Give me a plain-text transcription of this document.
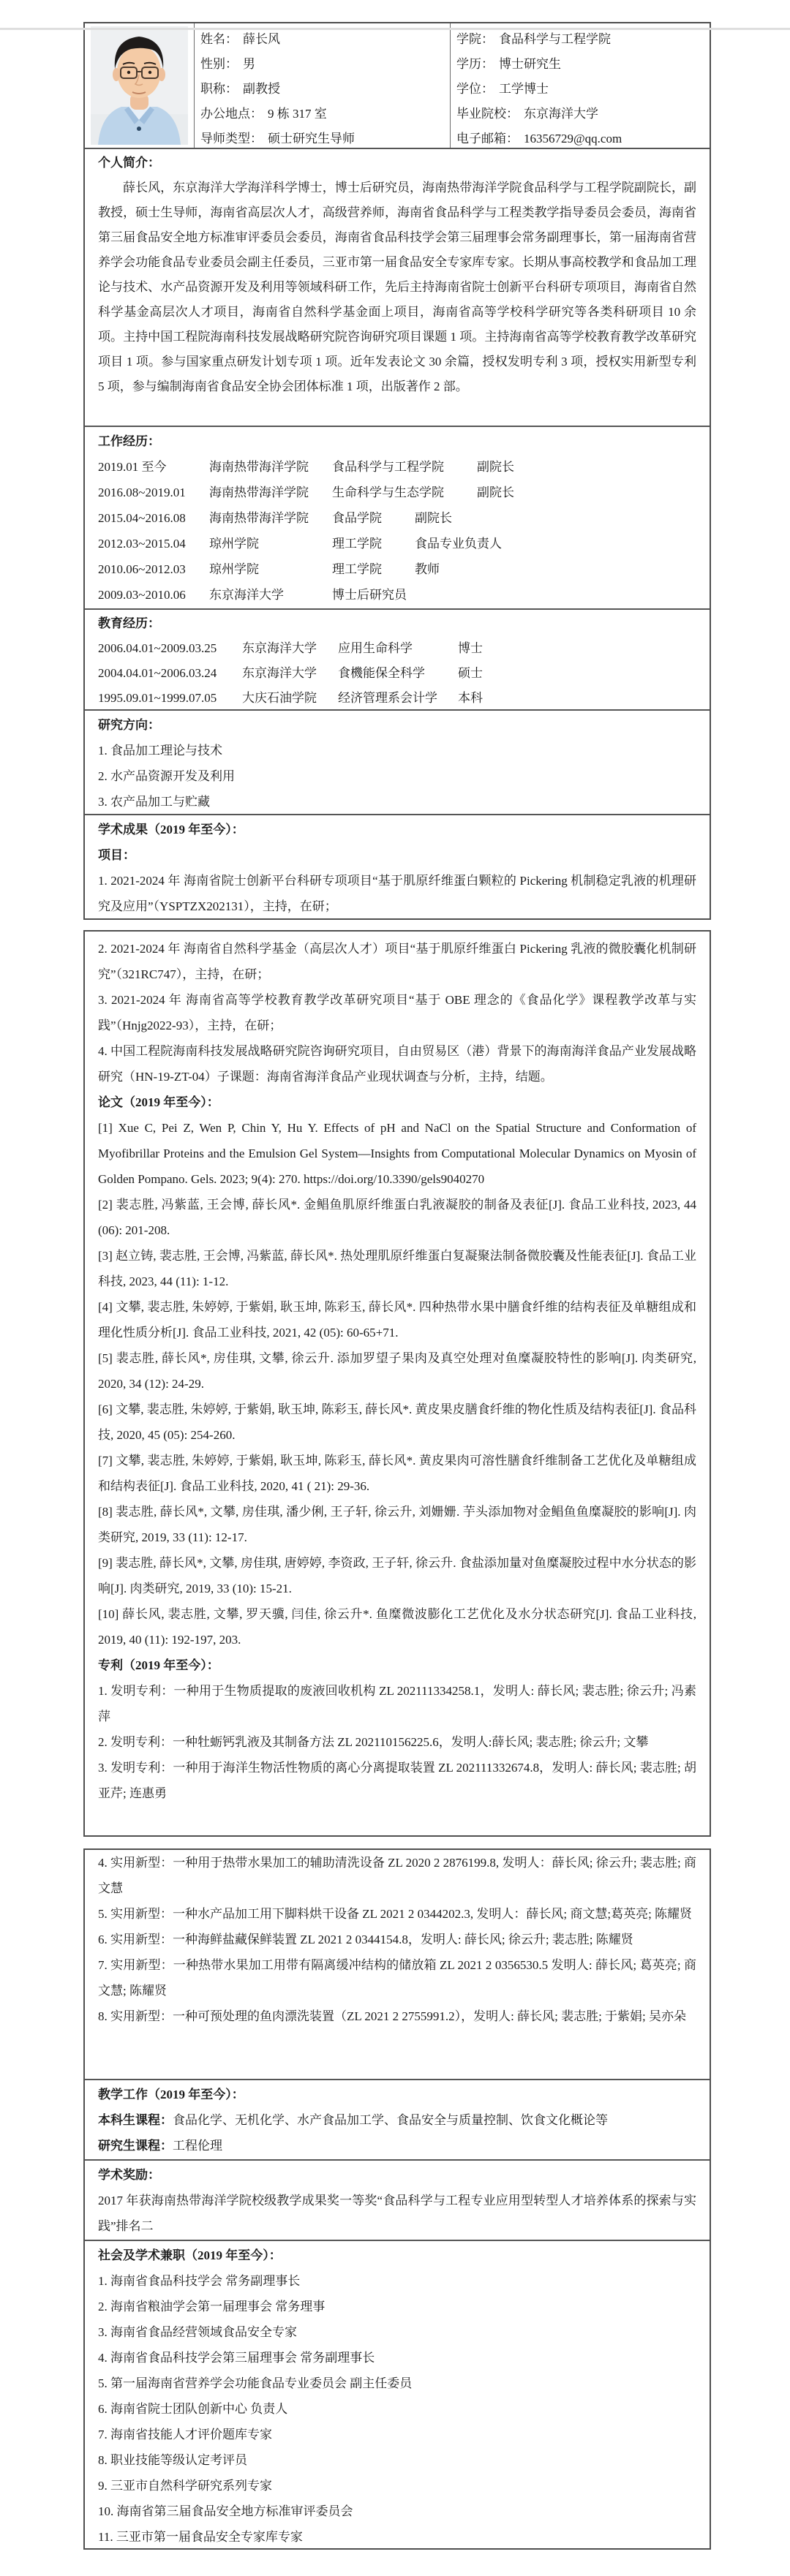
姓名： 薛长风
性别： 男
职称： 副教授
办公地点： 9 栋 317 室
导师类型： 硕士研究生导师
学院： 食品科学与工程学院
学历： 博士研究生
学位： 工学博士
毕业院校： 东京海洋大学
电子邮箱： 16356729@qq.com
个人简介：

薛长风，东京海洋大学海洋科学博士，博士后研究员，海南热带海洋学院食品科学与工程学院副院长，副教授，硕士生导师，海南省高层次人才，高级营养师，海南省食品科学与工程类教学指导委员会委员，海南省第三届食品安全地方标准审评委员会委员，海南省食品科技学会第三届理事会常务副理事长，第一届海南省营养学会功能食品专业委员会副主任委员，三亚市第一届食品安全专家库专家。长期从事高校教学和食品加工理论与技术、水产品资源开发及利用等领域科研工作，先后主持海南省院士创新平台科研专项项目，海南省自然科学基金高层次人才项目，海南省自然科学基金面上项目，海南省高等学校科学研究等各类科研项目 10 余项。主持中国工程院海南科技发展战略研究院咨询研究项目课题 1 项。主持海南省高等学校教育教学改革研究项目 1 项。参与国家重点研发计划专项 1 项。近年发表论文 30 余篇，授权发明专利 3 项，授权实用新型专利 5 项，参与编制海南省食品安全协会团体标准 1 项，出版著作 2 部。

工作经历：
2019.01 至今	海南热带海洋学院 食品科学与工程学院	副院长
2016.08~2019.01 海南热带海洋学院 生命科学与生态学院	副院长
2015.04~2016.08 海南热带海洋学院 食品学院	副院长
2012.03~2015.04 琼州学院	理工学院	食品专业负责人
2010.06~2012.03 琼州学院	理工学院	教师
2009.03~2010.06 东京海洋大学	博士后研究员
教育经历：
2006.04.01~2009.03.25 东京海洋大学 应用生命科学	博士
2004.04.01~2006.03.24 东京海洋大学 食機能保全科学	硕士
1995.09.01~1999.07.05 大庆石油学院 经济管理系会计学 本科
研究方向：
1. 食品加工理论与技术
2. 水产品资源开发及利用
3. 农产品加工与贮藏
学术成果（2019 年至今）：
项目：

1. 2021-2024 年 海南省院士创新平台科研专项项目“基于肌原纤维蛋白颗粒的 Pickering 机制稳定乳液的机理研究及应用”（YSPTZX202131），主持，在研；

2. 2021-2024 年 海南省自然科学基金（高层次人才）项目“基于肌原纤维蛋白 Pickering 乳液的微胶囊化机制研究”（321RC747），主持，在研；

3. 2021-2024 年 海南省高等学校教育教学改革研究项目“基于 OBE 理念的《食品化学》课程教学改革与实践”（Hnjg2022-93），主持，在研；

4. 中国工程院海南科技发展战略研究院咨询研究项目，自由贸易区（港）背景下的海南海洋食品产业发展战略研究（HN-19-ZT-04）子课题：海南省海洋食品产业现状调查与分析，主持，结题。

论文（2019 年至今）：

[1] Xue C, Pei Z, Wen P, Chin Y, Hu Y. Effects of pH and NaCl on the Spatial Structure and Conformation of Myofibrillar Proteins and the Emulsion Gel System—Insights from Computational Molecular Dynamics on Myosin of Golden Pompano. Gels. 2023; 9(4): 270. https://doi.org/10.3390/gels9040270

[2] 裴志胜, 冯紫蓝, 王会博, 薛长风*. 金鲳鱼肌原纤维蛋白乳液凝胶的制备及表征[J]. 食品工业科技, 2023, 44 (06): 201-208.

[3] 赵立铸, 裴志胜, 王会博, 冯紫蓝, 薛长风*. 热处理肌原纤维蛋白复凝聚法制备微胶囊及性能表征[J]. 食品工业科技, 2023, 44 (11): 1-12.

[4] 文攀, 裴志胜, 朱婷婷, 于紫娟, 耿玉坤, 陈彩玉, 薛长风*. 四种热带水果中膳食纤维的结构表征及单糖组成和理化性质分析[J]. 食品工业科技, 2021, 42 (05): 60-65+71.

[5] 裴志胜, 薛长风*, 房佳琪, 文攀, 徐云升. 添加罗望子果肉及真空处理对鱼糜凝胶特性的影响[J]. 肉类研究, 2020, 34 (12): 24-29.

[6] 文攀, 裴志胜, 朱婷婷, 于紫娟, 耿玉坤, 陈彩玉, 薛长风*. 黄皮果皮膳食纤维的物化性质及结构表征[J]. 食品科技, 2020, 45 (05): 254-260.

[7] 文攀, 裴志胜, 朱婷婷, 于紫娟, 耿玉坤, 陈彩玉, 薛长风*. 黄皮果肉可溶性膳食纤维制备工艺优化及单糖组成和结构表征[J]. 食品工业科技, 2020, 41 ( 21): 29-36.

[8] 裴志胜, 薛长风*, 文攀, 房佳琪, 潘少俐, 王子轩, 徐云升, 刘姗姗. 芋头添加物对金鲳鱼鱼糜凝胶的影响[J]. 肉类研究, 2019, 33 (11): 12-17.

[9] 裴志胜, 薛长风*, 文攀, 房佳琪, 唐婷婷, 李资政, 王子轩, 徐云升. 食盐添加量对鱼糜凝胶过程中水分状态的影响[J]. 肉类研究, 2019, 33 (10): 15-21.

[10] 薛长风, 裴志胜, 文攀, 罗天骥, 闫佳, 徐云升*. 鱼糜微波膨化工艺优化及水分状态研究[J]. 食品工业科技, 2019, 40 (11): 192-197, 203.

专利（2019 年至今）：

1. 发明专利：一种用于生物质提取的废液回收机构 ZL 202111334258.1，发明人: 薛长风; 裴志胜; 徐云升; 冯素萍

2. 发明专利：一种牡蛎钙乳液及其制备方法 ZL 202110156225.6，发明人:薛长风; 裴志胜; 徐云升; 文攀

3. 发明专利：一种用于海洋生物活性物质的离心分离提取装置 ZL 202111332674.8，发明人: 薛长风; 裴志胜; 胡亚芹; 连惠勇

4. 实用新型：一种用于热带水果加工的辅助清洗设备 ZL 2020 2 2876199.8, 发明人：薛长风; 徐云升; 裴志胜; 商文慧

5. 实用新型：一种水产品加工用下脚料烘干设备 ZL 2021 2 0344202.3, 发明人：薛长风; 商文慧;葛英亮; 陈耀贤

6. 实用新型：一种海鲜盐藏保鲜装置 ZL 2021 2 0344154.8，发明人: 薛长风; 徐云升; 裴志胜; 陈耀贤

7. 实用新型：一种热带水果加工用带有隔离缓冲结构的储放箱 ZL 2021 2 0356530.5 发明人: 薛长风; 葛英亮; 商文慧; 陈耀贤

8. 实用新型：一种可预处理的鱼肉漂洗装置（ZL 2021 2 2755991.2），发明人: 薛长风; 裴志胜; 于紫娟; 吴亦朵

教学工作（2019 年至今）：
本科生课程：食品化学、无机化学、水产食品加工学、食品安全与质量控制、饮食文化概论等
研究生课程：工程伦理
学术奖励：

2017 年获海南热带海洋学院校级教学成果奖一等奖“食品科学与工程专业应用型转型人才培养体系的探索与实践”排名二

社会及学术兼职（2019 年至今）：
1. 海南省食品科技学会 常务副理事长
2. 海南省粮油学会第一届理事会 常务理事
3. 海南省食品经营领域食品安全专家
4. 海南省食品科技学会第三届理事会 常务副理事长
5. 第一届海南省营养学会功能食品专业委员会 副主任委员
6. 海南省院士团队创新中心 负责人
7. 海南省技能人才评价题库专家
8. 职业技能等级认定考评员
9. 三亚市自然科学研究系列专家
10. 海南省第三届食品安全地方标准审评委员会
11. 三亚市第一届食品安全专家库专家
